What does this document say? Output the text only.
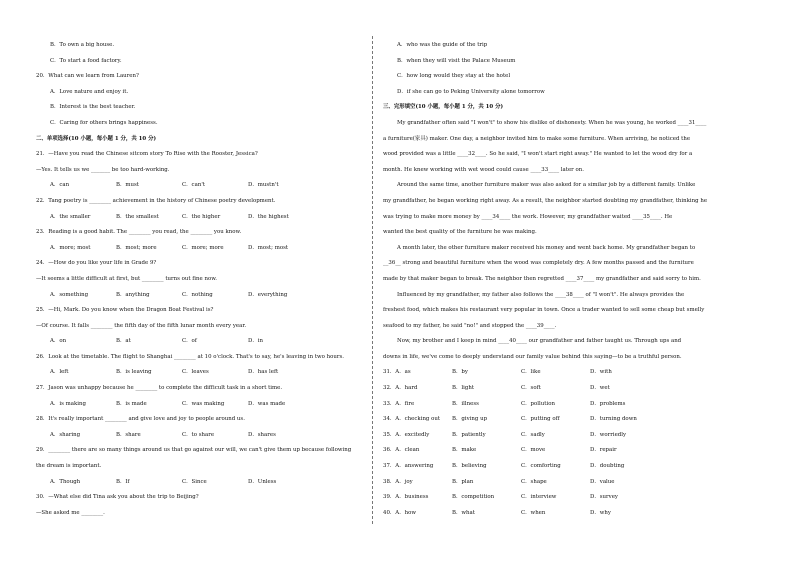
B．To own a big house.
C．To start a food factory.
20．What can we learn from Lauren?
A．Love nature and enjoy it.
B．Interest is the best teacher.
C．Caring for others brings happiness.
二、单项选择(10 小题，每小题 1 分，共 10 分)
21．—Have you read the Chinese sitcom story To Rise with the Rooster, Jessica?
—Yes. It tells us we _______ be too hard-working.
A．can	B．must	C．can't	D．mustn't
22．Tang poetry is ________ achievement in the history of Chinese poetry development.
A．the smaller	B．the smallest	C．the higher	D．the highest
23．Reading is a good habit. The ________ you read, the ________ you know.
A．more; most	B．most; more	C．more; more	D．most; most
24．—How do you like your life in Grade 9?
—It seems a little difficult at first, but ________ turns out fine now.
A．something	B．anything	C．nothing	D．everything
25．—Hi, Mark. Do you know when the Dragon Boat Festival is?
—Of course. It falls ________ the fifth day of the fifth lunar month every year.
A．on	B．at	C．of	D．in
26．Look at the timetable. The flight to Shanghai ________ at 10 o'clock. That's to say, he's leaving in two hours.
A．left	B．is leaving	C．leaves	D．has left
27．Jason was unhappy because he ________ to complete the difficult task in a short time.
A．is making	B．is made	C．was making	D．was made
28．It's really important ________ and give love and joy to people around us.
A．sharing	B．share	C．to share	D．shares
29．________ there are so many things around us that go against our will, we can't give them up because following
the dream is important.
A．Though	B．If	C．Since	D．Unless
30．—What else did Tina ask you about the trip to Beijing?
—She asked me ________.
A．who was the guide of the trip
B．when they will visit the Palace Museum
C．how long would they stay at the hotel
D．if she can go to Peking University alone tomorrow
三、完形填空(10 小题，每小题 1 分，共 10 分)
My grandfather often said "I won't" to show his dislike of dishonesty. When he was young, he worked ____31____
a furniture(家具) maker. One day, a neighbor invited him to make some furniture. When arriving, he noticed the
wood provided was a little ____32____. So he said, "I won't start right away." He wanted to let the wood dry for a
month. He knew working with wet wood could cause ____33____ later on.
Around the same time, another furniture maker was also asked for a similar job by a different family. Unlike
my grandfather, he began working right away. As a result, the neighbor started doubting my grandfather, thinking he
was trying to make more money by ____34____ the work. However, my grandfather waited ____35____. He
wanted the best quality of the furniture he was making.
A month later, the other furniture maker received his money and went back home. My grandfather began to
__36__ strong and beautiful furniture when the wood was completely dry. A few months passed and the furniture
made by that maker began to break. The neighbor then regretted ____37____ my grandfather and said sorry to him.
Influenced by my grandfather, my father also follows the ____38____ of "I won't". He always provides the
freshest food, which makes his restaurant very popular in town. Once a trader wanted to sell some cheap but smelly
seafood to my father, he said "no!" and stopped the ____39____.
Now, my brother and I keep in mind ____40____ our grandfather and father taught us. Through ups and
downs in life, we've come to deeply understand our family value behind this saying—to be a truthful person.
31．A．as	B．by	C．like	D．with
32．A．hard	B．light	C．soft	D．wet
33．A．fire	B．illness	C．pollution	D．problems
34．A．checking out	B．giving up	C．putting off	D．turning down
35．A．excitedly	B．patiently	C．sadly	D．worriedly
36．A．clean	B．make	C．move	D．repair
37．A．answering	B．believing	C．comforting	D．doubting
38．A．joy	B．plan	C．shape	D．value
39．A．business	B．competition	C．interview	D．survey
40．A．how	B．what	C．when	D．why
